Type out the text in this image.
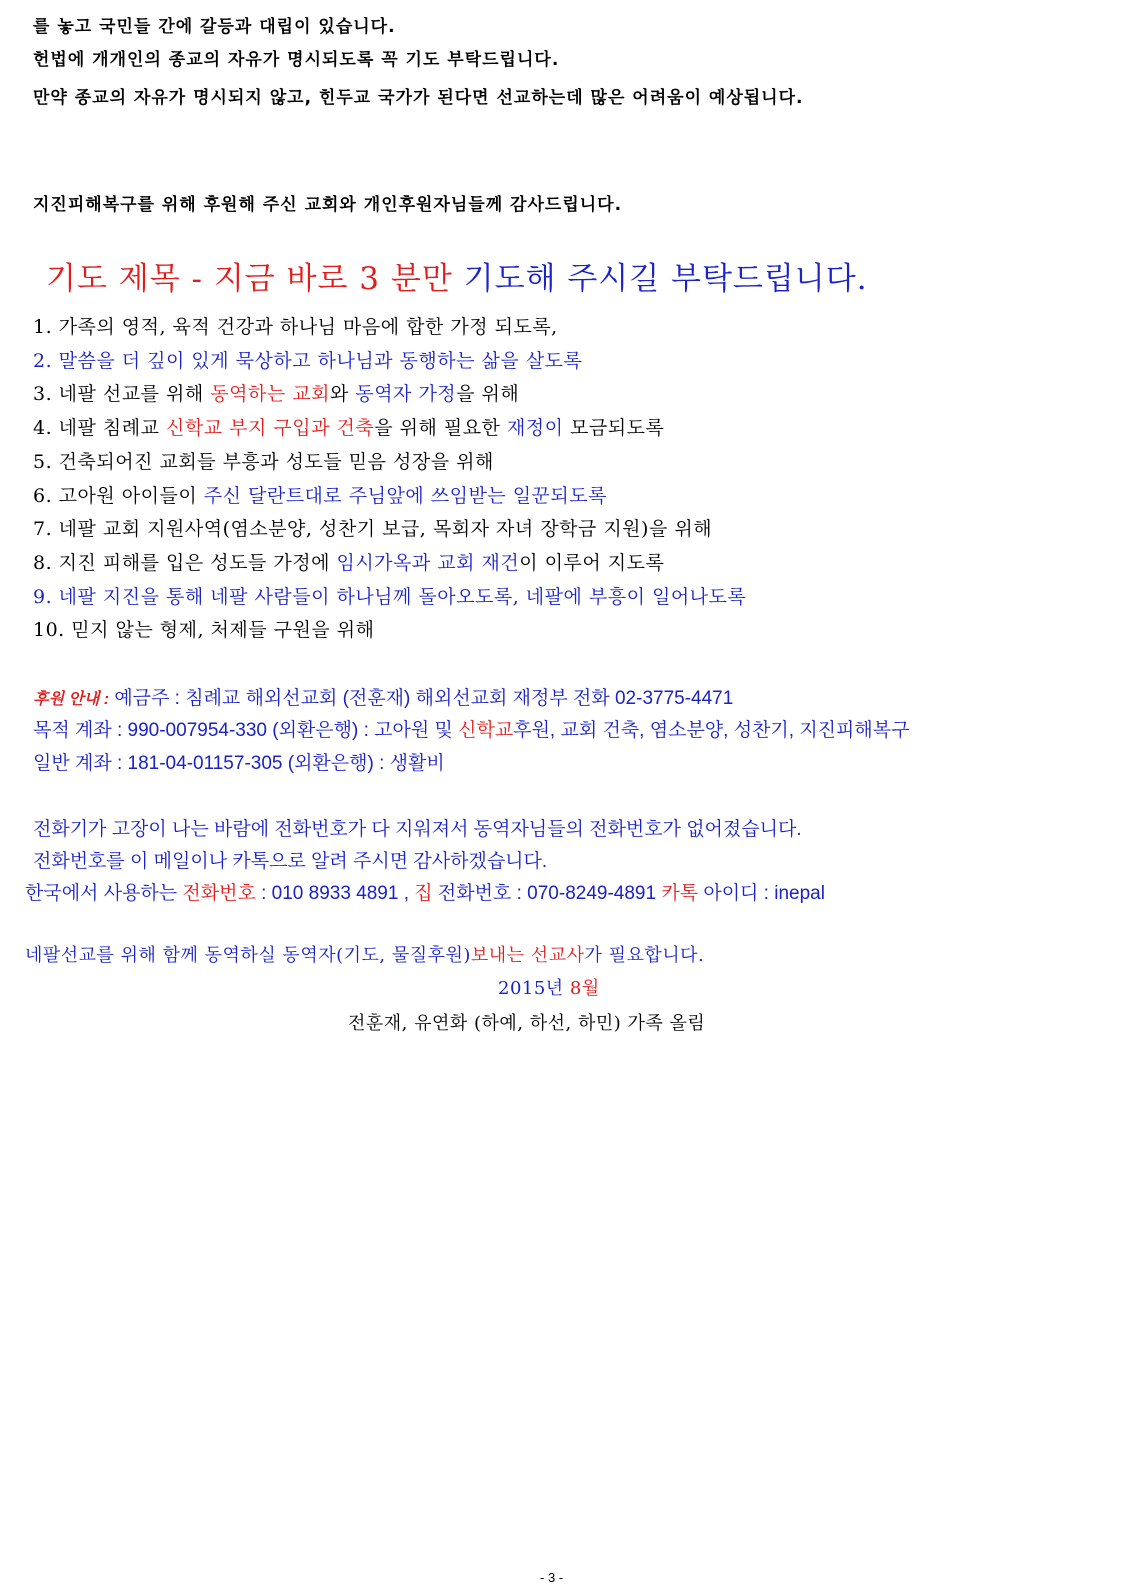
를 놓고 국민들 간에 갈등과 대립이 있습니다.
헌법에 개개인의 종교의 자유가 명시되도록 꼭 기도 부탁드립니다.
만약 종교의 자유가 명시되지 않고, 힌두교 국가가 된다면 선교하는데 많은 어려움이 예상됩니다.
지진피해복구를 위해 후원해 주신 교회와 개인후원자님들께 감사드립니다.
기도 제목 - 지금 바로 3 분만 기도해 주시길 부탁드립니다.
1. 가족의 영적, 육적 건강과 하나님 마음에 합한 가정 되도록,
2. 말씀을 더 깊이 있게 묵상하고 하나님과 동행하는 삶을 살도록
3. 네팔 선교를 위해 동역하는 교회와 동역자 가정을 위해
4. 네팔 침례교 신학교 부지 구입과 건축을 위해 필요한 재정이 모금되도록
5. 건축되어진 교회들 부흥과 성도들 믿음 성장을 위해
6. 고아원 아이들이 주신 달란트대로 주님앞에 쓰임받는 일꾼되도록
7. 네팔 교회 지원사역(염소분양, 성찬기 보급, 목회자 자녀 장학금 지원)을 위해
8. 지진 피해를 입은 성도들 가정에 임시가옥과 교회 재건이 이루어 지도록
9. 네팔 지진을 통해 네팔 사람들이 하나님께 돌아오도록, 네팔에 부흥이 일어나도록
10. 믿지 않는 형제, 처제들 구원을 위해
후원 안내 : 예금주 : 침례교 해외선교회 (전훈재) 해외선교회 재정부 전화 02-3775-4471
목적 계좌 : 990-007954-330 (외환은행) : 고아원 및 신학교후원, 교회 건축, 염소분양, 성찬기, 지진피해복구
일반 계좌 : 181-04-01157-305 (외환은행) : 생활비
전화기가 고장이 나는 바람에 전화번호가 다 지워져서 동역자님들의 전화번호가 없어졌습니다.
전화번호를 이 메일이나 카톡으로 알려 주시면 감사하겠습니다.
한국에서 사용하는 전화번호 : 010 8933 4891 , 집 전화번호 : 070-8249-4891 카톡 아이디 : inepal
네팔선교를 위해 함께 동역하실 동역자(기도, 물질후원)보내는 선교사가 필요합니다.
2015년 8월
전훈재, 유연화 (하예, 하선, 하민) 가족 올림
- 3 -
